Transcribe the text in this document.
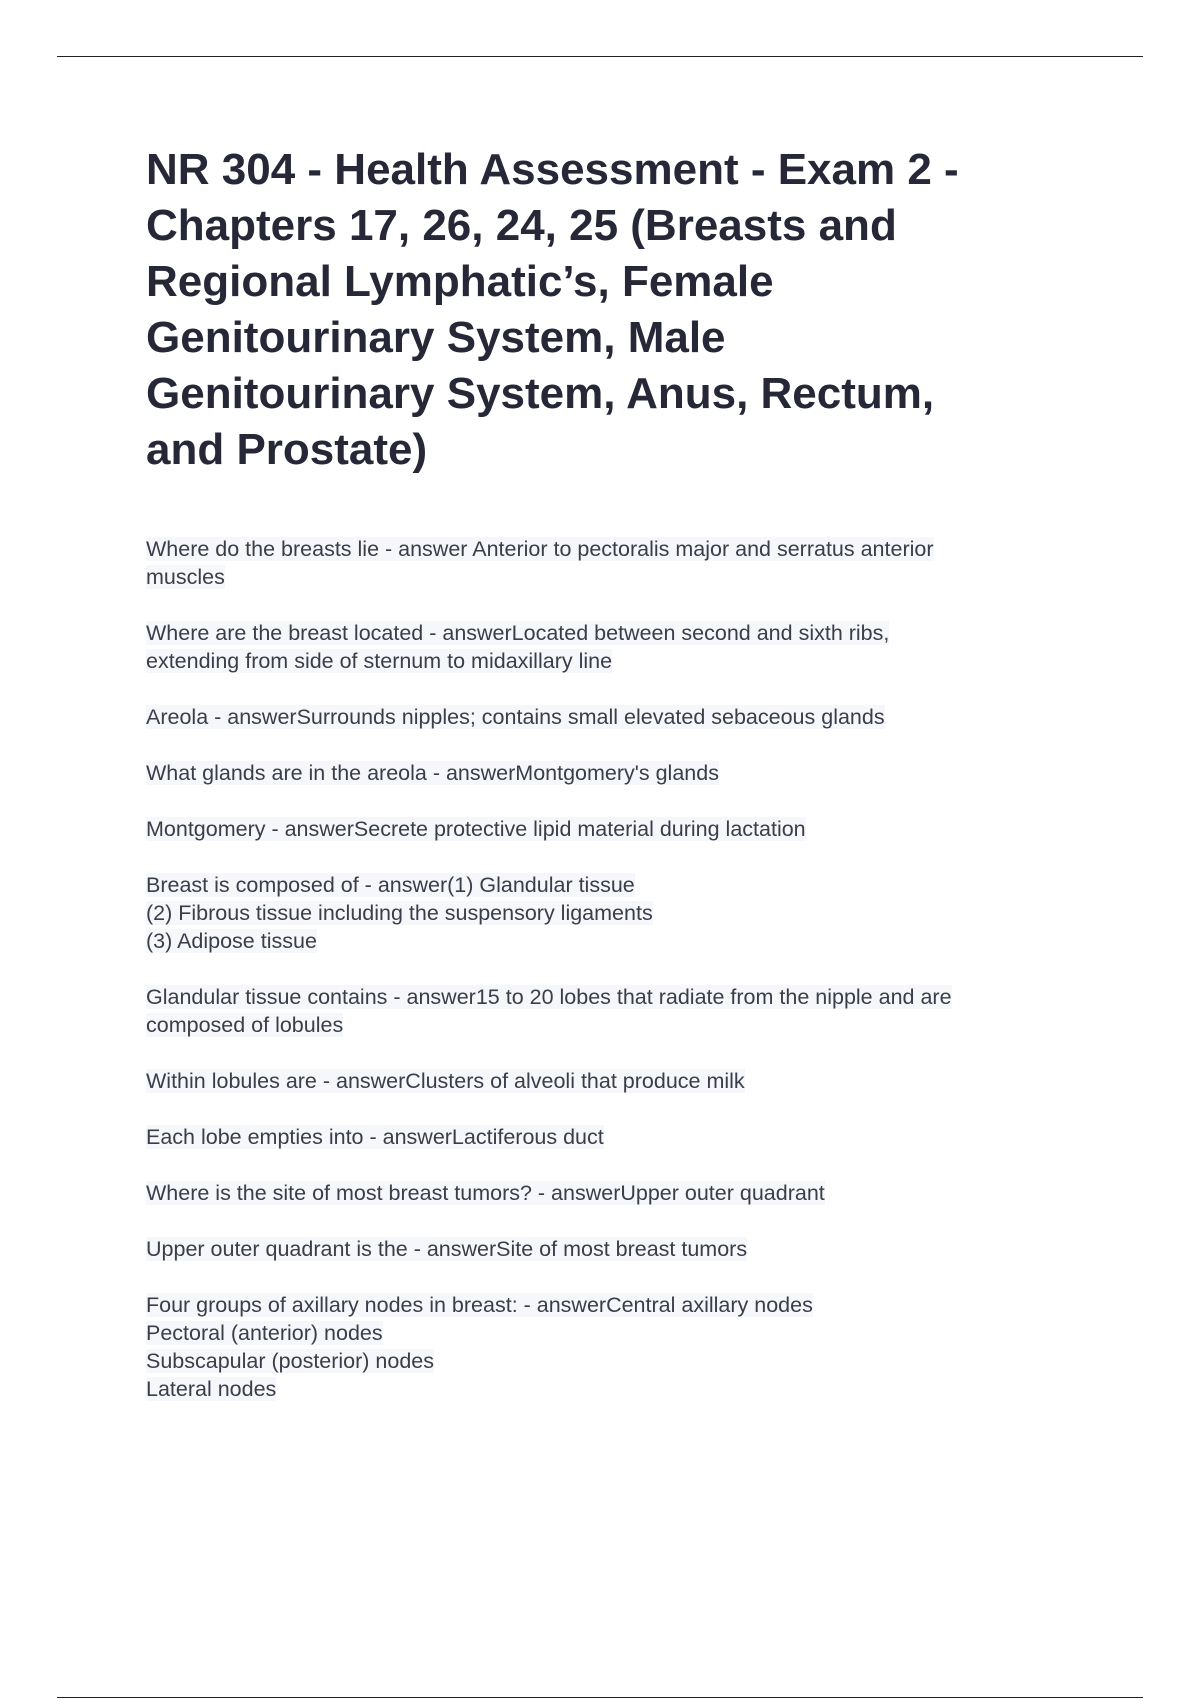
NR 304 - Health Assessment - Exam 2 -
Chapters 17, 26, 24, 25 (Breasts and
Regional Lymphatic’s, Female
Genitourinary System, Male
Genitourinary System, Anus, Rectum,
and Prostate)
Where do the breasts lie - answer Anterior to pectoralis major and serratus anterior
muscles
Where are the breast located - answerLocated between second and sixth ribs,
extending from side of sternum to midaxillary line
Areola - answerSurrounds nipples; contains small elevated sebaceous glands
What glands are in the areola - answerMontgomery's glands
Montgomery - answerSecrete protective lipid material during lactation
Breast is composed of - answer(1) Glandular tissue
(2) Fibrous tissue including the suspensory ligaments
(3) Adipose tissue
Glandular tissue contains - answer15 to 20 lobes that radiate from the nipple and are
composed of lobules
Within lobules are - answerClusters of alveoli that produce milk
Each lobe empties into - answerLactiferous duct
Where is the site of most breast tumors? - answerUpper outer quadrant
Upper outer quadrant is the - answerSite of most breast tumors
Four groups of axillary nodes in breast: - answerCentral axillary nodes
Pectoral (anterior) nodes
Subscapular (posterior) nodes
Lateral nodes
